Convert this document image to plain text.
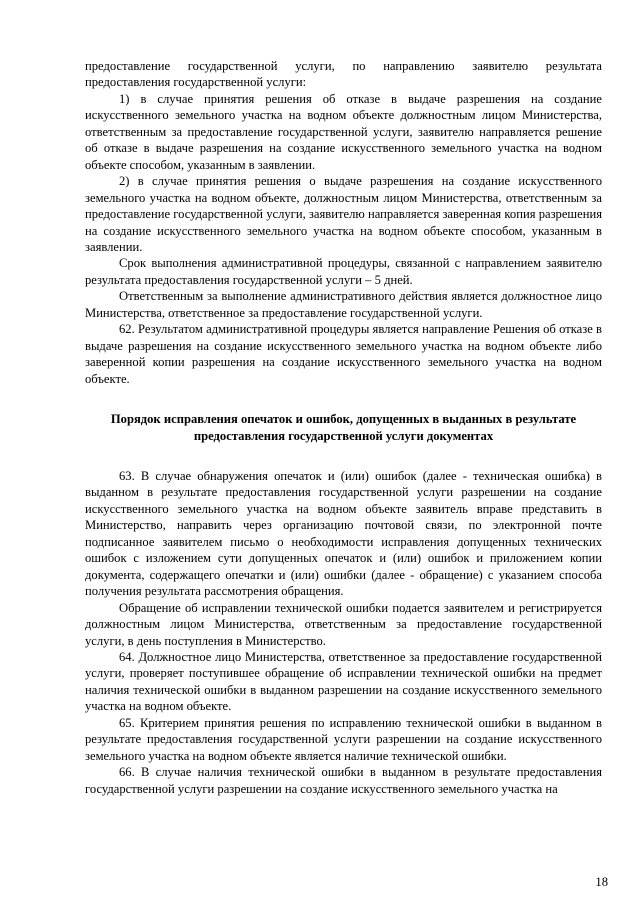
предоставление государственной услуги, по направлению заявителю результата предоставления государственной услуги:

1) в случае принятия решения об отказе в выдаче разрешения на создание искусственного земельного участка на водном объекте должностным лицом Министерства, ответственным за предоставление государственной услуги, заявителю направляется решение об отказе в выдаче разрешения на создание искусственного земельного участка на водном объекте способом, указанным в заявлении.

2) в случае принятия решения о выдаче разрешения на создание искусственного земельного участка на водном объекте, должностным лицом Министерства, ответственным за предоставление государственной услуги, заявителю направляется заверенная копия разрешения на создание искусственного земельного участка на водном объекте способом, указанным в заявлении.

Срок выполнения административной процедуры, связанной с направлением заявителю результата предоставления государственной услуги – 5 дней.

Ответственным за выполнение административного действия является должностное лицо Министерства, ответственное за предоставление государственной услуги.

62. Результатом административной процедуры является направление Решения об отказе в выдаче разрешения на создание искусственного земельного участка на водном объекте либо заверенной копии разрешения на создание искусственного земельного участка на водном объекте.

Порядок исправления опечаток и ошибок, допущенных в выданных в результате предоставления государственной услуги документах

63. В случае обнаружения опечаток и (или) ошибок (далее - техническая ошибка) в выданном в результате предоставления государственной услуги разрешении на создание искусственного земельного участка на водном объекте заявитель вправе представить в Министерство, направить через организацию почтовой связи, по электронной почте подписанное заявителем письмо о необходимости исправления допущенных технических ошибок с изложением сути допущенных опечаток и (или) ошибок и приложением копии документа, содержащего опечатки и (или) ошибки (далее - обращение) с указанием способа получения результата рассмотрения обращения.

Обращение об исправлении технической ошибки подается заявителем и регистрируется должностным лицом Министерства, ответственным за предоставление государственной услуги, в день поступления в Министерство.

64. Должностное лицо Министерства, ответственное за предоставление государственной услуги, проверяет поступившее обращение об исправлении технической ошибки на предмет наличия технической ошибки в выданном разрешении на создание искусственного земельного участка на водном объекте.

65. Критерием принятия решения по исправлению технической ошибки в выданном в результате предоставления государственной услуги разрешении на создание искусственного земельного участка на водном объекте является наличие технической ошибки.

66. В случае наличия технической ошибки в выданном в результате предоставления государственной услуги разрешении на создание искусственного земельного участка на

18
